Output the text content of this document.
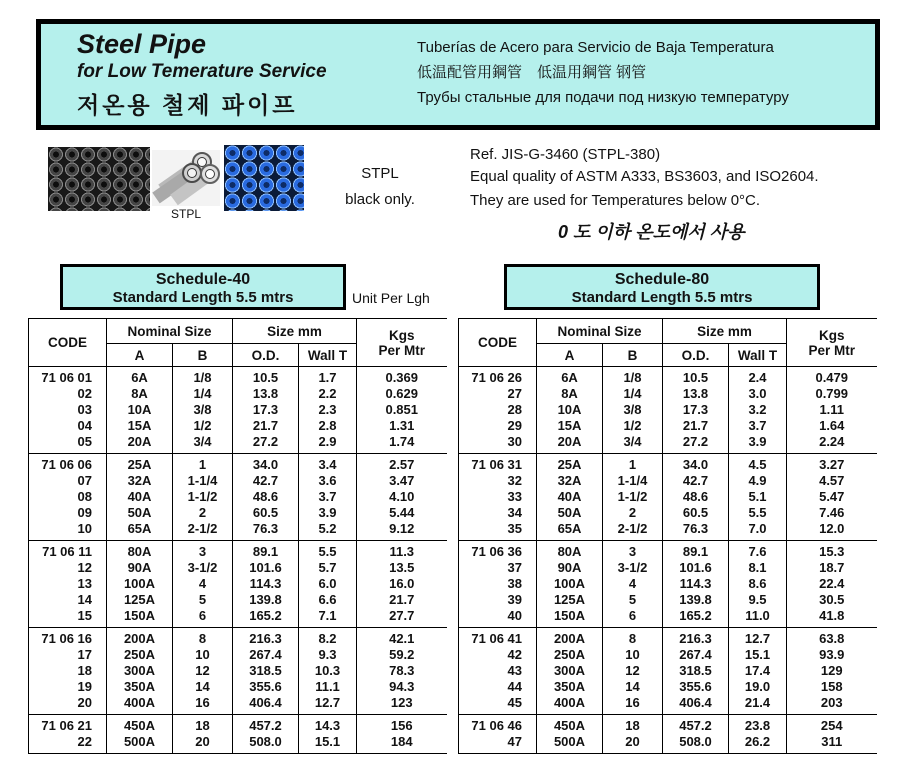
Steel Pipe
for Low Temerature Service
저온용 철제 파이프
Tuberías de Acero para Servicio de Baja Temperatura
低温配管用鋼管　低温用鋼管 钢管
Трубы стальные для подачи под низкую температуру
STPL
STPL
black only.
Ref. JIS-G-3460 (STPL-380)
Equal quality of ASTM A333, BS3603, and ISO2604.
They are used for Temperatures below 0°C.
0 도 이하 온도에서 사용
Schedule-40
Standard Length 5.5 mtrs	Unit Per Lgh
Schedule-80
Standard Length 5.5 mtrs
CODE	Nominal Size		Size mm		Kgs
Per Mtr

	A	B	O.D.	Wall T	
71 06 01	6A	1/8	10.5	1.7	0.369
02	8A	1/4	13.8	2.2	0.629
03	10A	3/8	17.3	2.3	0.851
04	15A	1/2	21.7	2.8	1.31
05	20A	3/4	27.2	2.9	1.74
71 06 06	25A	1	34.0	3.4	2.57
07	32A	1-1/4	42.7	3.6	3.47
08	40A	1-1/2	48.6	3.7	4.10
09	50A	2	60.5	3.9	5.44
10	65A	2-1/2	76.3	5.2	9.12
71 06 11	80A	3	89.1	5.5	11.3
12	90A	3-1/2	101.6	5.7	13.5
13	100A	4	114.3	6.0	16.0
14	125A	5	139.8	6.6	21.7
15	150A	6	165.2	7.1	27.7
71 06 16	200A	8	216.3	8.2	42.1
17	250A	10	267.4	9.3	59.2
18	300A	12	318.5	10.3	78.3
19	350A	14	355.6	11.1	94.3
20	400A	16	406.4	12.7	123
71 06 21	450A	18	457.2	14.3	156
22	500A	20	508.0	15.1	184
CODE	Nominal Size		Size mm		Kgs
Per Mtr

	A	B	O.D.	Wall T	
71 06 26	6A	1/8	10.5	2.4	0.479
27	8A	1/4	13.8	3.0	0.799
28	10A	3/8	17.3	3.2	1.11
29	15A	1/2	21.7	3.7	1.64
30	20A	3/4	27.2	3.9	2.24
71 06 31	25A	1	34.0	4.5	3.27
32	32A	1-1/4	42.7	4.9	4.57
33	40A	1-1/2	48.6	5.1	5.47
34	50A	2	60.5	5.5	7.46
35	65A	2-1/2	76.3	7.0	12.0
71 06 36	80A	3	89.1	7.6	15.3
37	90A	3-1/2	101.6	8.1	18.7
38	100A	4	114.3	8.6	22.4
39	125A	5	139.8	9.5	30.5
40	150A	6	165.2	11.0	41.8
71 06 41	200A	8	216.3	12.7	63.8
42	250A	10	267.4	15.1	93.9
43	300A	12	318.5	17.4	129
44	350A	14	355.6	19.0	158
45	400A	16	406.4	21.4	203
71 06 46	450A	18	457.2	23.8	254
47	500A	20	508.0	26.2	311
